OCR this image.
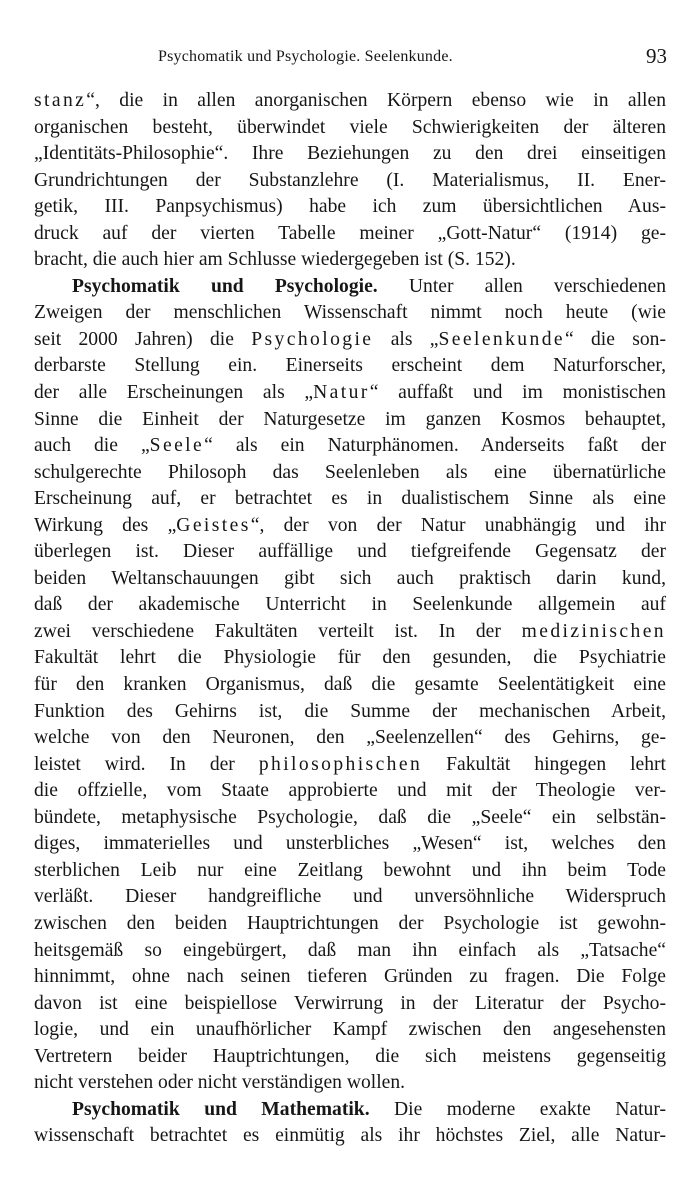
Psychomatik und Psychologie. Seelenkunde.	93
stanz“, die in allen anorganischen Körpern ebenso wie in allen
organischen besteht, überwindet viele Schwierigkeiten der älteren
„Identitäts-Philosophie“. Ihre Beziehungen zu den drei einseitigen
Grundrichtungen der Substanzlehre (I. Materialismus, II. Ener-
getik, III. Panpsychismus) habe ich zum übersichtlichen Aus-
druck auf der vierten Tabelle meiner „Gott-Natur“ (1914) ge-
bracht, die auch hier am Schlusse wiedergegeben ist (S. 152).
Psychomatik und Psychologie. Unter allen verschiedenen
Zweigen der menschlichen Wissenschaft nimmt noch heute (wie
seit 2000 Jahren) die Psychologie als „Seelenkunde“ die son-
derbarste Stellung ein. Einerseits erscheint dem Naturforscher,
der alle Erscheinungen als „Natur“ auffaßt und im monistischen
Sinne die Einheit der Naturgesetze im ganzen Kosmos behauptet,
auch die „Seele“ als ein Naturphänomen. Anderseits faßt der
schulgerechte Philosoph das Seelenleben als eine übernatürliche
Erscheinung auf, er betrachtet es in dualistischem Sinne als eine
Wirkung des „Geistes“, der von der Natur unabhängig und ihr
überlegen ist. Dieser auffällige und tiefgreifende Gegensatz der
beiden Weltanschauungen gibt sich auch praktisch darin kund,
daß der akademische Unterricht in Seelenkunde allgemein auf
zwei verschiedene Fakultäten verteilt ist. In der medizinischen
Fakultät lehrt die Physiologie für den gesunden, die Psychiatrie
für den kranken Organismus, daß die gesamte Seelentätigkeit eine
Funktion des Gehirns ist, die Summe der mechanischen Arbeit,
welche von den Neuronen, den „Seelenzellen“ des Gehirns, ge-
leistet wird. In der philosophischen Fakultät hingegen lehrt
die offzielle, vom Staate approbierte und mit der Theologie ver-
bündete, metaphysische Psychologie, daß die „Seele“ ein selbstän-
diges, immaterielles und unsterbliches „Wesen“ ist, welches den
sterblichen Leib nur eine Zeitlang bewohnt und ihn beim Tode
verläßt. Dieser handgreifliche und unversöhnliche Widerspruch
zwischen den beiden Hauptrichtungen der Psychologie ist gewohn-
heitsgemäß so eingebürgert, daß man ihn einfach als „Tatsache“
hinnimmt, ohne nach seinen tieferen Gründen zu fragen. Die Folge
davon ist eine beispiellose Verwirrung in der Literatur der Psycho-
logie, und ein unaufhörlicher Kampf zwischen den angesehensten
Vertretern beider Hauptrichtungen, die sich meistens gegenseitig
nicht verstehen oder nicht verständigen wollen.
Psychomatik und Mathematik. Die moderne exakte Natur-
wissenschaft betrachtet es einmütig als ihr höchstes Ziel, alle Natur-
